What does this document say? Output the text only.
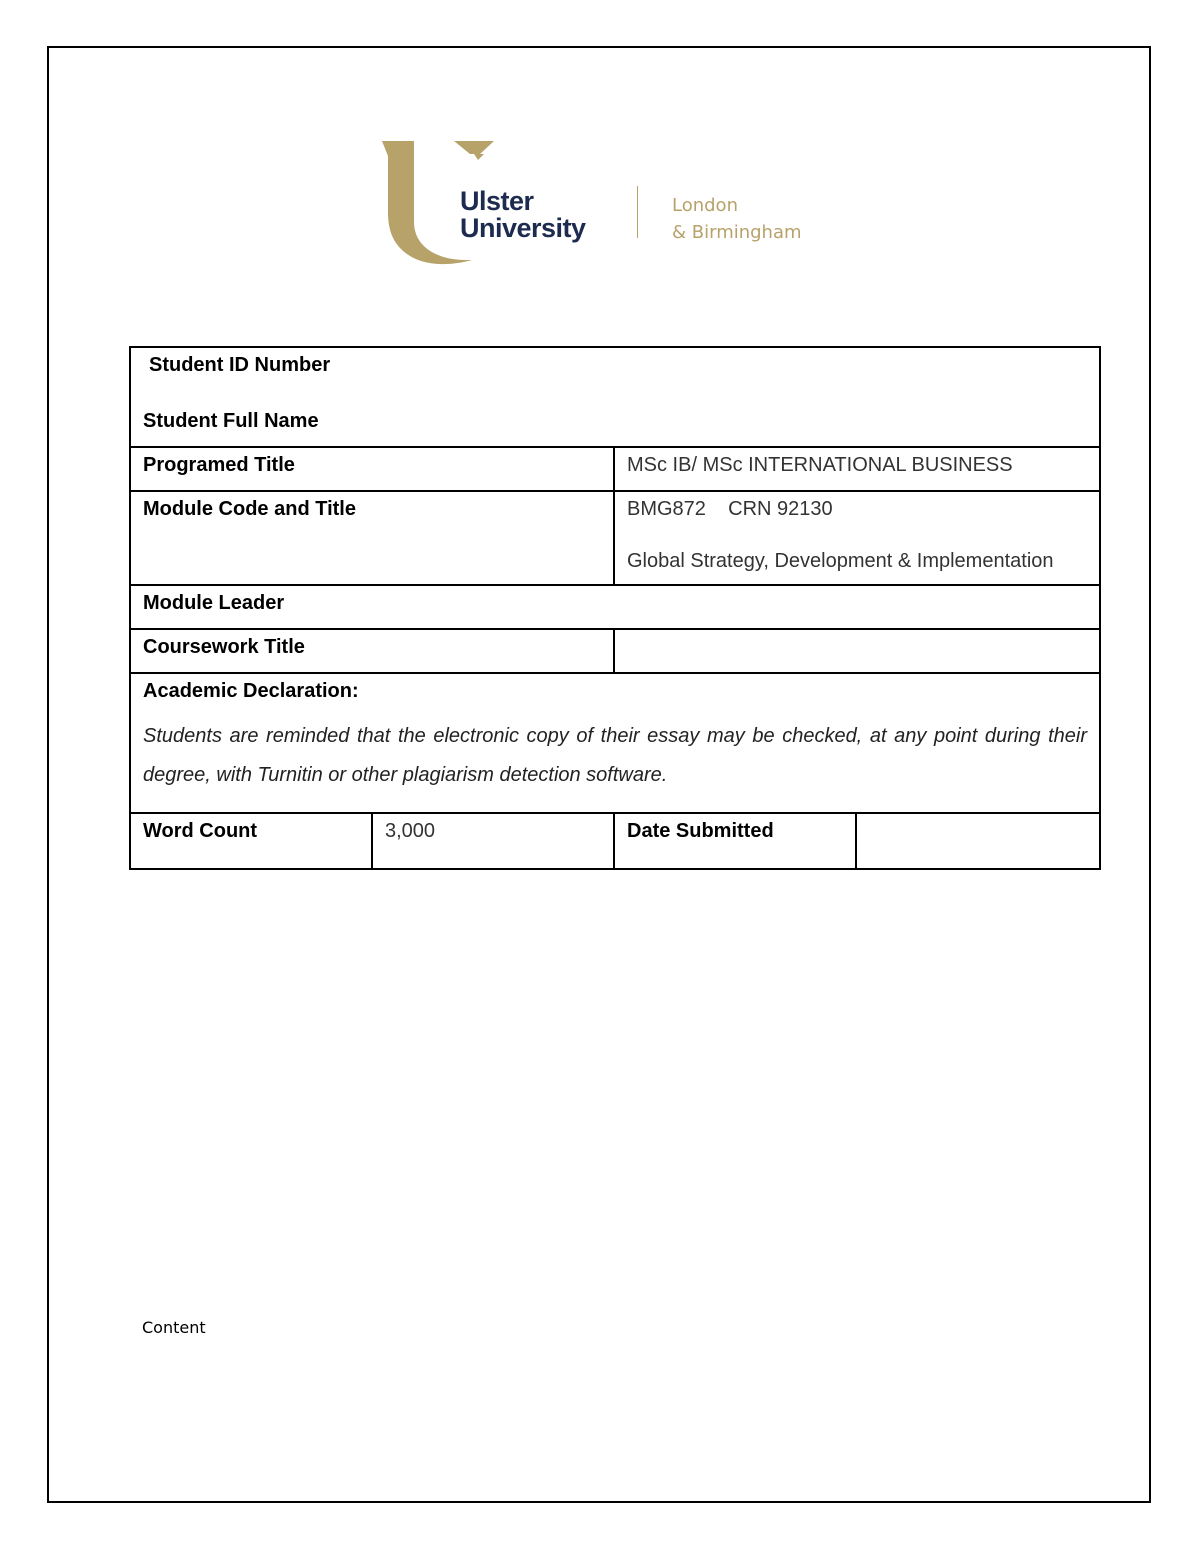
Ulster
University
London
& Birmingham
Student ID Number
Student Full Name			

Programed Title		MSc IB/ MSc INTERNATIONAL BUSINESS	
Module Code and Title		BMG872    CRN 92130
Global Strategy, Development & Implementation	

Module Leader			
Coursework Title			

Academic Declaration:
Students are reminded that the electronic copy of their essay may be checked, at any point during their degree, with Turnitin or other plagiarism detection software.			

Word Count	3,000	Date Submitted	
Content
